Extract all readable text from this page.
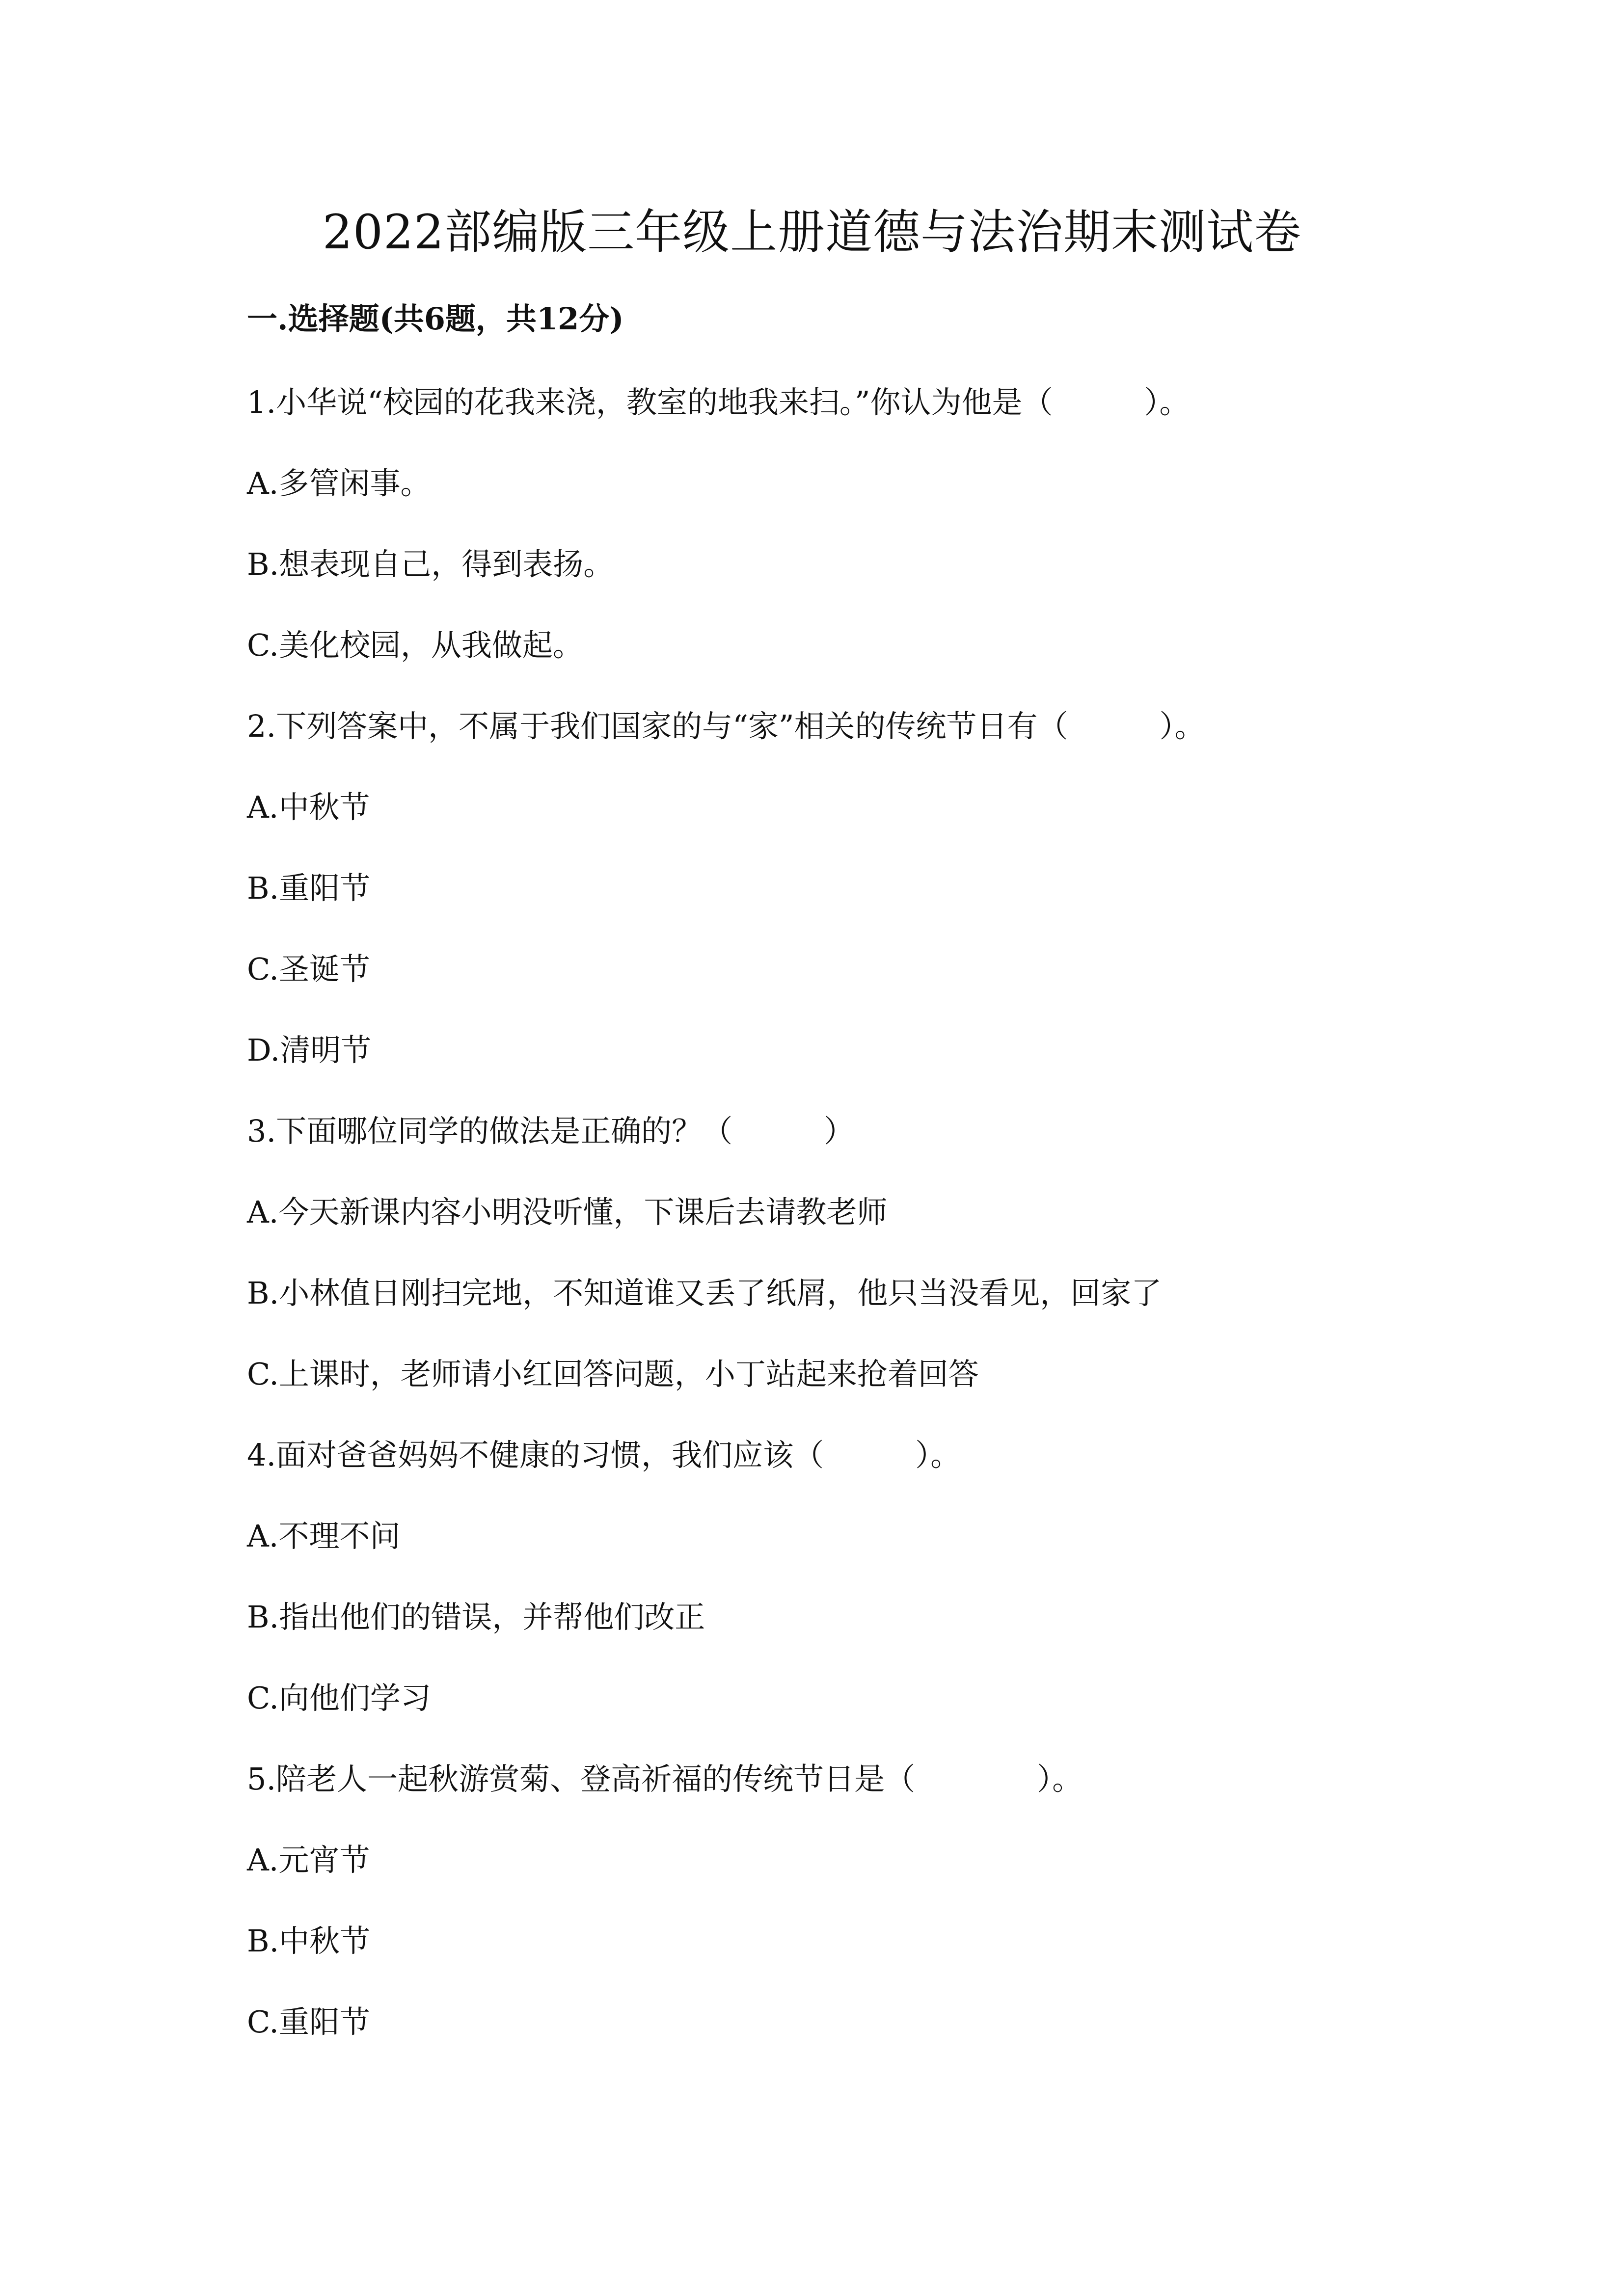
2022部编版三年级上册道德与法治期末测试卷
一.选择题(共6题，共12分)
1.小华说“校园的花我来浇，教室的地我来扫。”你认为他是（　　　）。
A.多管闲事。
B.想表现自己，得到表扬。
C.美化校园，从我做起。
2.下列答案中，不属于我们国家的与“家”相关的传统节日有（　　　）。
A.中秋节
B.重阳节
C.圣诞节
D.清明节
3.下面哪位同学的做法是正确的？（　　　）
A.今天新课内容小明没听懂，下课后去请教老师
B.小林值日刚扫完地，不知道谁又丢了纸屑，他只当没看见，回家了
C.上课时，老师请小红回答问题，小丁站起来抢着回答
4.面对爸爸妈妈不健康的习惯，我们应该（　　　）。
A.不理不问
B.指出他们的错误，并帮他们改正
C.向他们学习
5.陪老人一起秋游赏菊、登高祈福的传统节日是（　　　　）。
A.元宵节
B.中秋节
C.重阳节
